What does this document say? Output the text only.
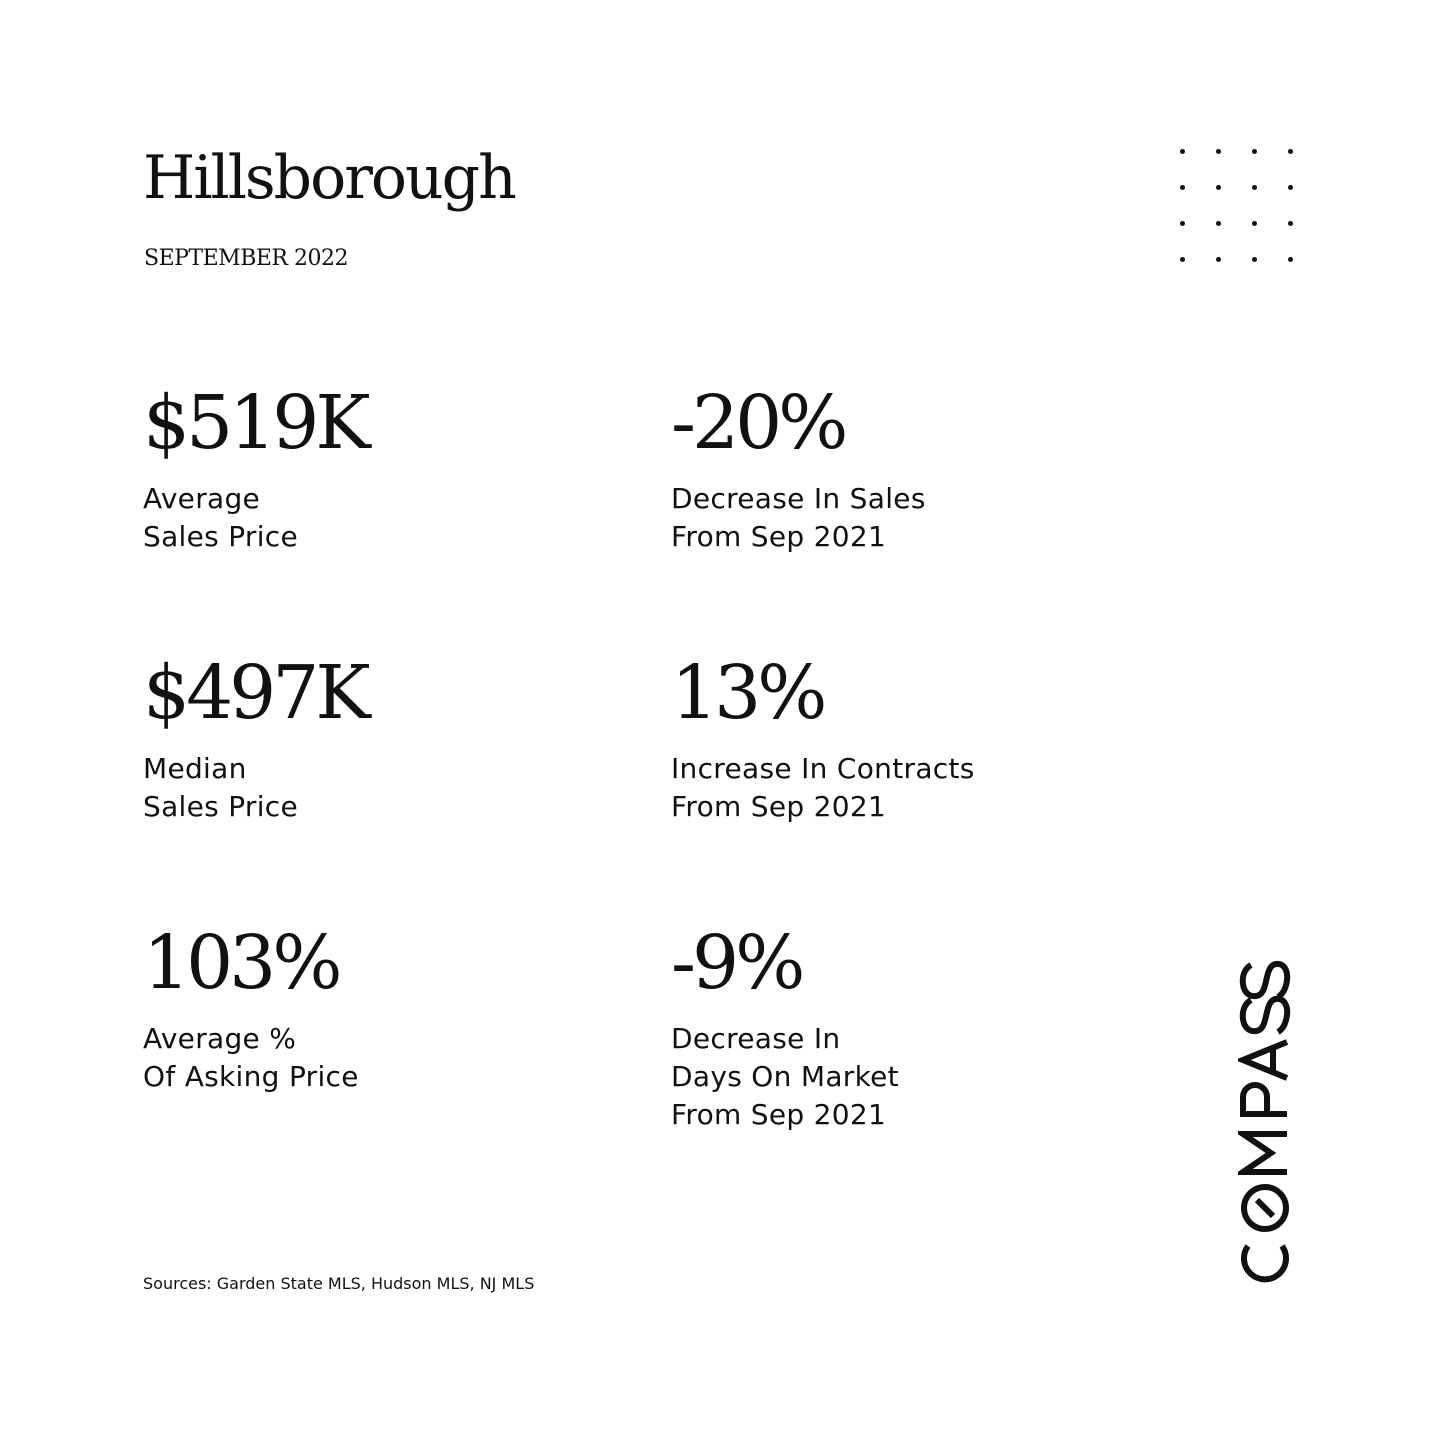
Hillsborough
SEPTEMBER 2022
$519K
Average
Sales Price
-20%
Decrease In Sales
From Sep 2021
$497K
Median
Sales Price
13%
Increase In Contracts
From Sep 2021
103%
Average %
Of Asking Price
-9%
Decrease In
Days On Market
From Sep 2021
Sources: Garden State MLS, Hudson MLS, NJ MLS
